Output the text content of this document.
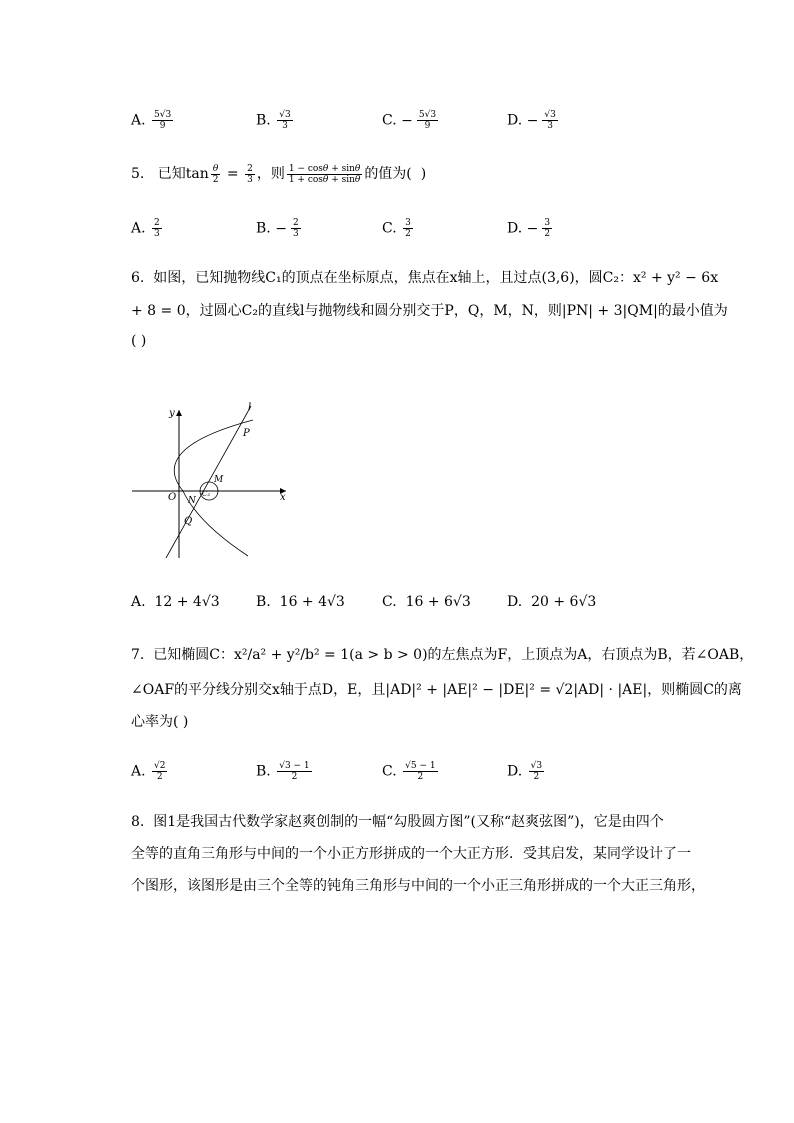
A. $\frac{5√3}{9}$	B. $\frac{√3}{3}$	C. − $\frac{5√3}{9}$	D. − $\frac{√3}{3}$
5. 已知$\tan \frac{\theta}{2} = \frac{2}{3}$ ，则 $\frac{1 - \cos\theta + \sin\theta}{1 + \cos\theta + \sin\theta}$ 的值为( )
A. $\frac{2}{3}$	B. − $\frac{2}{3}$	C. $\frac{3}{2}$	D. − $\frac{3}{2}$
6. 如图，已知抛物线C₁的顶点在坐标原点，焦点在x轴上，且过点(3,6)，圆C₂：x² + y² − 6x
+ 8 = 0，过圆心C₂的直线l与抛物线和圆分别交于P，Q，M，N，则|PN| + 3|QM|的最小值为
( )
y
x
l
P
M
O	C₂
N
Q
A. 12 + 4√3	B. 16 + 4√3	C. 16 + 6√3	D. 20 + 6√3
7. 已知椭圆C：x²/a² + y²/b² = 1(a > b > 0)的左焦点为F，上顶点为A，右顶点为B，若∠OAB，
∠OAF的平分线分别交x轴于点D，E，且|AD|² + |AE|² − |DE|² = √2|AD| · |AE|，则椭圆C的离
心率为( )
A. $\frac{√2}{2}$	B. $\frac{√3 - 1}{2}$	C. $\frac{√5 - 1}{2}$	D. $\frac{√3}{2}$
8. 图1是我国古代数学家赵爽创制的一幅“勾股圆方图”(又称“赵爽弦图”)，它是由四个
全等的直角三角形与中间的一个小正方形拼成的一个大正方形．受其启发，某同学设计了一
个图形，该图形是由三个全等的钝角三角形与中间的一个小正三角形拼成的一个大正三角形，
